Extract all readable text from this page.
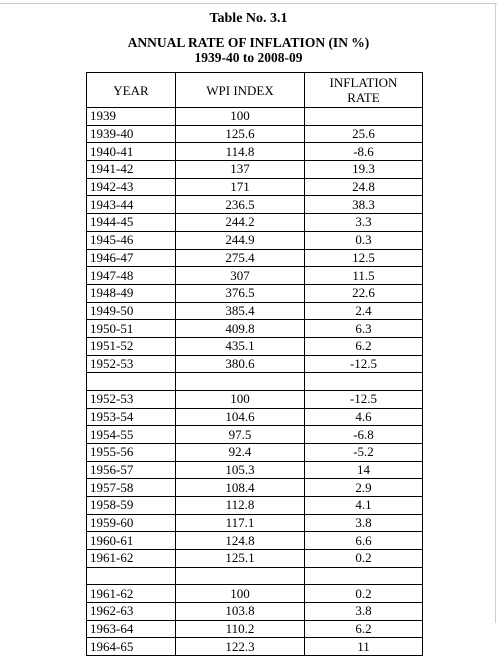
Table No. 3.1
ANNUAL RATE OF INFLATION (IN %)
1939-40 to 2008-09
YEAR	WPI INDEX	INFLATION
RATE
1939	100	
1939-40	125.6	25.6
1940-41	114.8	-8.6
1941-42	137	19.3
1942-43	171	24.8
1943-44	236.5	38.3
1944-45	244.2	3.3
1945-46	244.9	0.3
1946-47	275.4	12.5
1947-48	307	11.5
1948-49	376.5	22.6
1949-50	385.4	2.4
1950-51	409.8	6.3
1951-52	435.1	6.2
1952-53	380.6	-12.5

1952-53	100	-12.5
1953-54	104.6	4.6
1954-55	97.5	-6.8
1955-56	92.4	-5.2
1956-57	105.3	14
1957-58	108.4	2.9
1958-59	112.8	4.1
1959-60	117.1	3.8
1960-61	124.8	6.6
1961-62	125.1	0.2

1961-62	100	0.2
1962-63	103.8	3.8
1963-64	110.2	6.2
1964-65	122.3	11
